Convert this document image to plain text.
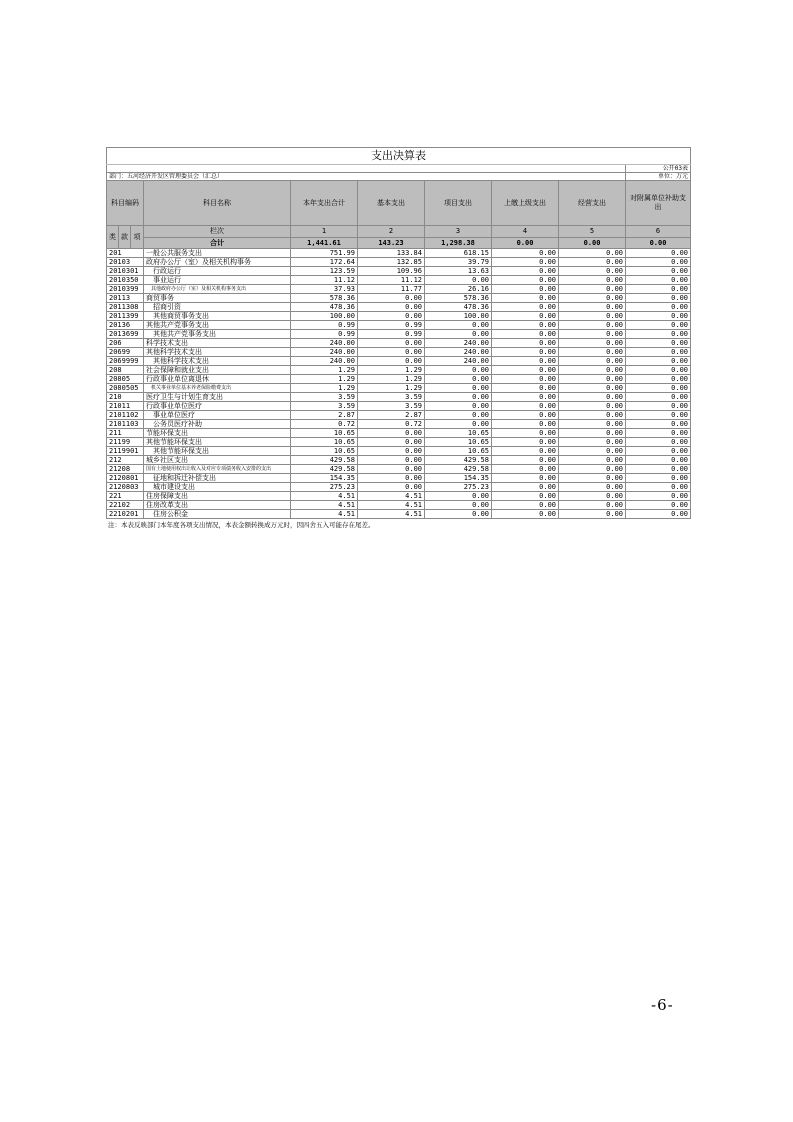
支出决算表									
									公开03表
部门：五河经济开发区管理委员会（汇总）									单位：万元
科目编码			科目名称	本年支出合计	基本支出	项目支出	上缴上级支出	经营支出	对附属单位补助支出
类	款	项							
			栏次	1	2	3	4	5	6
			合计	1,441.61	143.23	1,298.38	0.00	0.00	0.00
201			一般公共服务支出	751.99	133.84	618.15	0.00	0.00	0.00
20103			政府办公厅（室）及相关机构事务	172.64	132.85	39.79	0.00	0.00	0.00
2010301			　行政运行	123.59	109.96	13.63	0.00	0.00	0.00
2010350			　事业运行	11.12	11.12	0.00	0.00	0.00	0.00
2010399			　其他政府办公厅（室）及相关机构事务支出	37.93	11.77	26.16	0.00	0.00	0.00
20113			商贸事务	578.36	0.00	578.36	0.00	0.00	0.00
2011308			　招商引资	478.36	0.00	478.36	0.00	0.00	0.00
2011399			　其他商贸事务支出	100.00	0.00	100.00	0.00	0.00	0.00
20136			其他共产党事务支出	0.99	0.99	0.00	0.00	0.00	0.00
2013699			　其他共产党事务支出	0.99	0.99	0.00	0.00	0.00	0.00
206			科学技术支出	240.00	0.00	240.00	0.00	0.00	0.00
20699			其他科学技术支出	240.00	0.00	240.00	0.00	0.00	0.00
2069999			　其他科学技术支出	240.00	0.00	240.00	0.00	0.00	0.00
208			社会保障和就业支出	1.29	1.29	0.00	0.00	0.00	0.00
20805			行政事业单位离退休	1.29	1.29	0.00	0.00	0.00	0.00
2080505			　机关事业单位基本养老保险缴费支出	1.29	1.29	0.00	0.00	0.00	0.00
210			医疗卫生与计划生育支出	3.59	3.59	0.00	0.00	0.00	0.00
21011			行政事业单位医疗	3.59	3.59	0.00	0.00	0.00	0.00
2101102			　事业单位医疗	2.87	2.87	0.00	0.00	0.00	0.00
2101103			　公务员医疗补助	0.72	0.72	0.00	0.00	0.00	0.00
211			节能环保支出	10.65	0.00	10.65	0.00	0.00	0.00
21199			其他节能环保支出	10.65	0.00	10.65	0.00	0.00	0.00
2119901			　其他节能环保支出	10.65	0.00	10.65	0.00	0.00	0.00
212			城乡社区支出	429.58	0.00	429.58	0.00	0.00	0.00
21208			国有土地使用权出让收入及对应专项债务收入安排的支出	429.58	0.00	429.58	0.00	0.00	0.00
2120801			　征地和拆迁补偿支出	154.35	0.00	154.35	0.00	0.00	0.00
2120803			　城市建设支出	275.23	0.00	275.23	0.00	0.00	0.00
221			住房保障支出	4.51	4.51	0.00	0.00	0.00	0.00
22102			住房改革支出	4.51	4.51	0.00	0.00	0.00	0.00
2210201			　住房公积金	4.51	4.51	0.00	0.00	0.00	0.00
注：本表反映部门本年度各项支出情况，本表金额转换成万元时，因四舍五入可能存在尾差。
-6-
